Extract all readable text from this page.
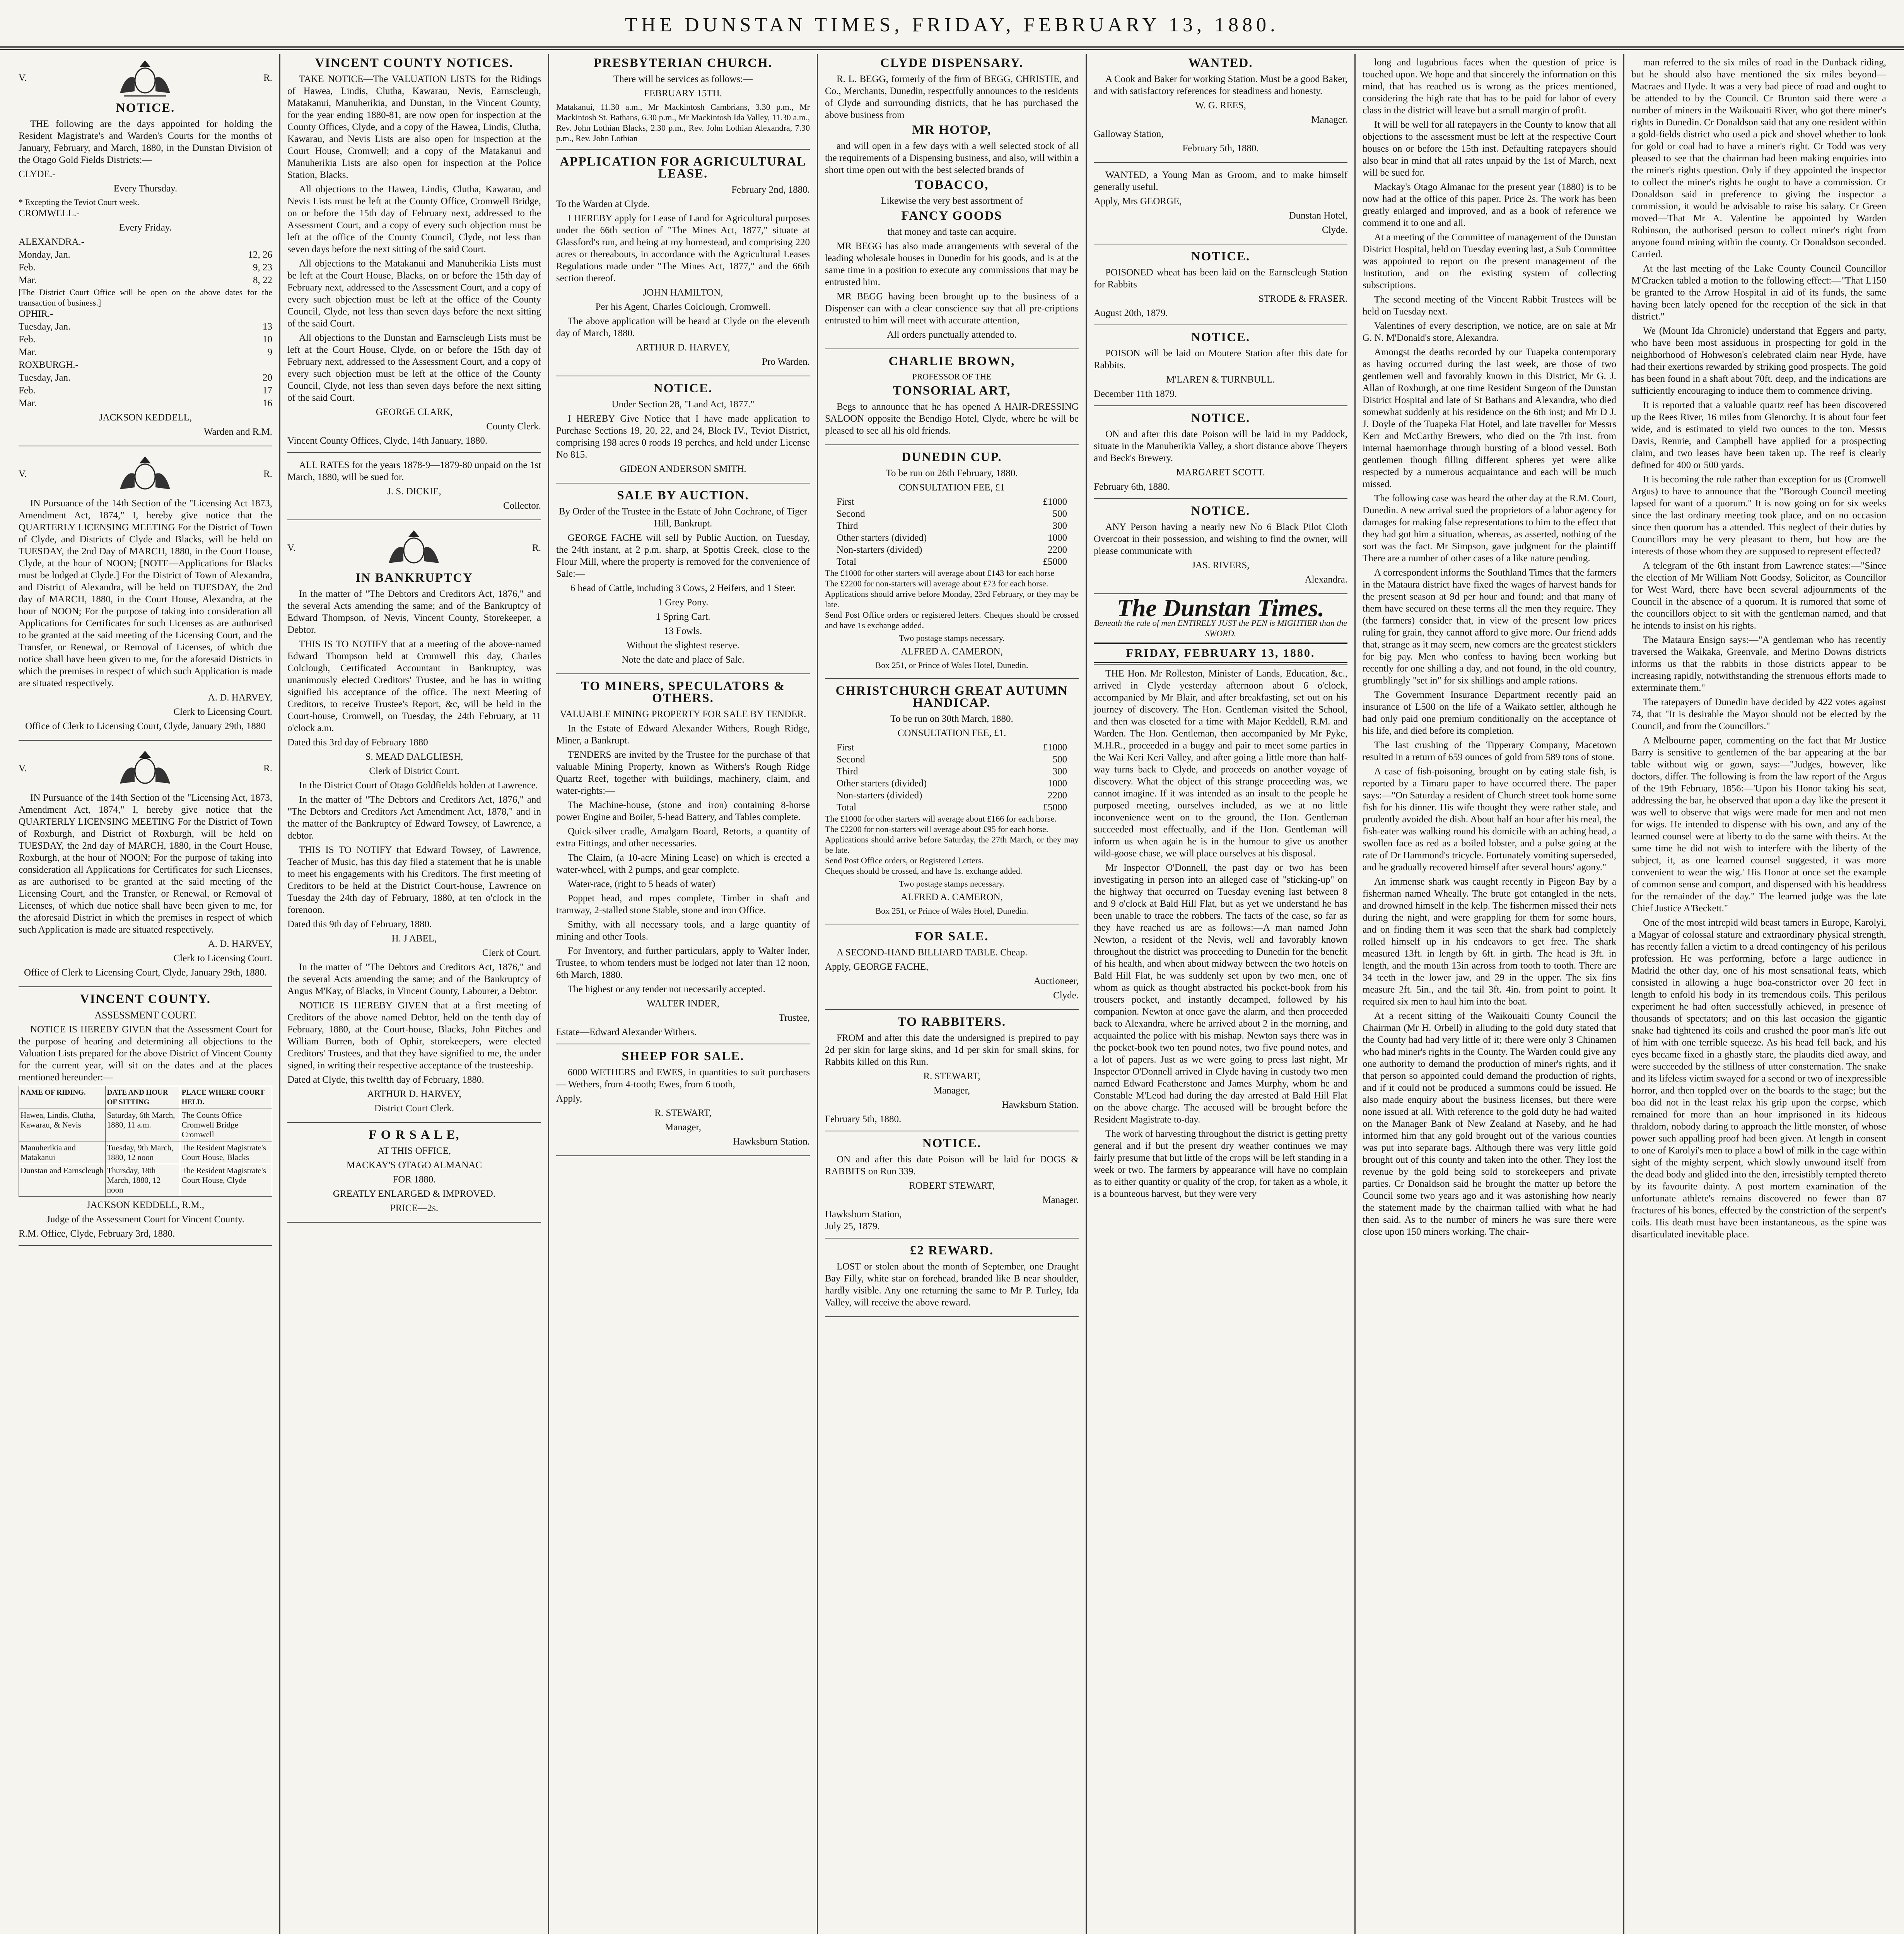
THE DUNSTAN TIMES, FRIDAY, FEBRUARY 13, 1880.
V.	R.
NOTICE.
THE following are the days appointed for holding the Resident Magistrate's and Warden's Courts for the months of January, February, and March, 1880, in the Dunstan Division of the Otago Gold Fields Districts:—
CLYDE.-
Every Thursday.
* Excepting the Teviot Court week.
CROMWELL.-
Every Friday.
ALEXANDRA.-
Monday, Jan.	12, 26
Feb.	9, 23
Mar.	8, 22
[The District Court Office will be open on the above dates for the transaction of business.]
OPHIR.-
Tuesday, Jan.	13
Feb.	10
Mar.	9
ROXBURGH.-
Tuesday, Jan.	20
Feb.	17
Mar.	16
JACKSON KEDDELL,
Warden and R.M.
V.	R.
IN Pursuance of the 14th Section of the "Licensing Act 1873, Amendment Act, 1874," I, hereby give notice that the QUARTERLY LICENSING MEETING For the District of Town of Clyde, and Districts of Clyde and Blacks, will be held on TUESDAY, the 2nd Day of MARCH, 1880, in the Court House, Clyde, at the hour of NOON; [NOTE—Applications for Blacks must be lodged at Clyde.] For the District of Town of Alexandra, and District of Alexandra, will be held on TUESDAY, the 2nd day of MARCH, 1880, in the Court House, Alexandra, at the hour of NOON; For the purpose of taking into consideration all Applications for Certificates for such Licenses as are authorised to be granted at the said meeting of the Licensing Court, and the Transfer, or Renewal, or Removal of Licenses, of which due notice shall have been given to me, for the aforesaid Districts in which the premises in respect of which such Application is made are situated respectively.
A. D. HARVEY,
Clerk to Licensing Court.
Office of Clerk to Licensing Court, Clyde, January 29th, 1880
V.	R.
IN Pursuance of the 14th Section of the "Licensing Act, 1873, Amendment Act, 1874," I, hereby give notice that the QUARTERLY LICENSING MEETING For the District of Town of Roxburgh, and District of Roxburgh, will be held on TUESDAY, the 2nd day of MARCH, 1880, in the Court House, Roxburgh, at the hour of NOON; For the purpose of taking into consideration all Applications for Certificates for such Licenses, as are authorised to be granted at the said meeting of the Licensing Court, and the Transfer, or Renewal, or Removal of Licenses, of which due notice shall have been given to me, for the aforesaid District in which the premises in respect of which such Application is made are situated respectively.
A. D. HARVEY,
Clerk to Licensing Court.
Office of Clerk to Licensing Court, Clyde, January 29th, 1880.
VINCENT COUNTY.
ASSESSMENT COURT.
NOTICE IS HEREBY GIVEN that the Assessment Court for the purpose of hearing and determining all objections to the Valuation Lists prepared for the above District of Vincent County for the current year, will sit on the dates and at the places mentioned hereunder:—
NAME OF RIDING.	DATE AND HOUR OF SITTING	PLACE WHERE COURT HELD.
Hawea, Lindis, Clutha, Kawarau, & Nevis	Saturday, 6th March, 1880, 11 a.m.	The Counts Office Cromwell Bridge Cromwell
Manuherikia and Matakanui	Tuesday, 9th March, 1880, 12 noon	The Resident Magistrate's Court House, Blacks
Dunstan and Earnscleugh	Thursday, 18th March, 1880, 12 noon	The Resident Magistrate's Court House, Clyde
JACKSON KEDDELL, R.M.,
Judge of the Assessment Court for Vincent County.
R.M. Office, Clyde, February 3rd, 1880.
VINCENT COUNTY NOTICES.
TAKE NOTICE—The VALUATION LISTS for the Ridings of Hawea, Lindis, Clutha, Kawarau, Nevis, Earnscleugh, Matakanui, Manuherikia, and Dunstan, in the Vincent County, for the year ending 1880-81, are now open for inspection at the County Offices, Clyde, and a copy of the Hawea, Lindis, Clutha, Kawarau, and Nevis Lists are also open for inspection at the Court House, Cromwell; and a copy of the Matakanui and Manuherikia Lists are also open for inspection at the Police Station, Blacks.
All objections to the Hawea, Lindis, Clutha, Kawarau, and Nevis Lists must be left at the County Office, Cromwell Bridge, on or before the 15th day of February next, addressed to the Assessment Court, and a copy of every such objection must be left at the office of the County Council, Clyde, not less than seven days before the next sitting of the said Court.
All objections to the Matakanui and Manuherikia Lists must be left at the Court House, Blacks, on or before the 15th day of February next, addressed to the Assessment Court, and a copy of every such objection must be left at the office of the County Council, Clyde, not less than seven days before the next sitting of the said Court.
All objections to the Dunstan and Earnscleugh Lists must be left at the Court House, Clyde, on or before the 15th day of February next, addressed to the Assessment Court, and a copy of every such objection must be left at the office of the County Council, Clyde, not less than seven days before the next sitting of the said Court.
GEORGE CLARK,
County Clerk.
Vincent County Offices, Clyde, 14th January, 1880.
ALL RATES for the years 1878-9—1879-80 unpaid on the 1st March, 1880, will be sued for.
J. S. DICKIE,
Collector.
V.	R.
IN BANKRUPTCY
In the matter of "The Debtors and Creditors Act, 1876," and the several Acts amending the same; and of the Bankruptcy of Edward Thompson, of Nevis, Vincent County, Storekeeper, a Debtor.
THIS IS TO NOTIFY that at a meeting of the above-named Edward Thompson held at Cromwell this day, Charles Colclough, Certificated Accountant in Bankruptcy, was unanimously elected Creditors' Trustee, and he has in writing signified his acceptance of the office. The next Meeting of Creditors, to receive Trustee's Report, &c, will be held in the Court-house, Cromwell, on Tuesday, the 24th February, at 11 o'clock a.m.
Dated this 3rd day of February 1880
S. MEAD DALGLIESH,
Clerk of District Court.
In the District Court of Otago Goldfields holden at Lawrence.
In the matter of "The Debtors and Creditors Act, 1876," and "The Debtors and Creditors Act Amendment Act, 1878," and in the matter of the Bankruptcy of Edward Towsey, of Lawrence, a debtor.
THIS IS TO NOTIFY that Edward Towsey, of Lawrence, Teacher of Music, has this day filed a statement that he is unable to meet his engagements with his Creditors. The first meeting of Creditors to be held at the District Court-house, Lawrence on Tuesday the 24th day of February, 1880, at ten o'clock in the forenoon.
Dated this 9th day of February, 1880.
H. J ABEL,
Clerk of Court.
In the matter of "The Debtors and Creditors Act, 1876," and the several Acts amending the same; and of the Bankruptcy of Angus M'Kay, of Blacks, in Vincent County, Labourer, a Debtor.
NOTICE IS HEREBY GIVEN that at a first meeting of Creditors of the above named Debtor, held on the tenth day of February, 1880, at the Court-house, Blacks, John Pitches and William Burren, both of Ophir, storekeepers, were elected Creditors' Trustees, and that they have signified to me, the under signed, in writing their respective acceptance of the trusteeship.
Dated at Clyde, this twelfth day of February, 1880.
ARTHUR D. HARVEY,
District Court Clerk.
F O R S A L E,
AT THIS OFFICE,
MACKAY'S OTAGO ALMANAC
FOR 1880.
GREATLY ENLARGED & IMPROVED.
PRICE—2s.
PRESBYTERIAN CHURCH.
There will be services as follows:—
FEBRUARY 15TH.
Matakanui, 11.30 a.m., Mr Mackintosh Cambrians, 3.30 p.m., Mr Mackintosh St. Bathans, 6.30 p.m., Mr Mackintosh Ida Valley, 11.30 a.m., Rev. John Lothian Blacks, 2.30 p.m., Rev. John Lothian Alexandra, 7.30 p.m., Rev. John Lothian
APPLICATION FOR AGRICULTURAL LEASE.
February 2nd, 1880.
To the Warden at Clyde.
I HEREBY apply for Lease of Land for Agricultural purposes under the 66th section of "The Mines Act, 1877," situate at Glassford's run, and being at my homestead, and comprising 220 acres or thereabouts, in accordance with the Agricultural Leases Regulations made under "The Mines Act, 1877," and the 66th section thereof.
JOHN HAMILTON,
Per his Agent, Charles Colclough, Cromwell.
The above application will be heard at Clyde on the eleventh day of March, 1880.
ARTHUR D. HARVEY,
Pro Warden.
NOTICE.
Under Section 28, "Land Act, 1877."
I HEREBY Give Notice that I have made application to Purchase Sections 19, 20, 22, and 24, Block IV., Teviot District, comprising 198 acres 0 roods 19 perches, and held under License No 815.
GIDEON ANDERSON SMITH.
SALE BY AUCTION.
By Order of the Trustee in the Estate of John Cochrane, of Tiger Hill, Bankrupt.
GEORGE FACHE will sell by Public Auction, on Tuesday, the 24th instant, at 2 p.m. sharp, at Spottis Creek, close to the Flour Mill, where the property is removed for the convenience of Sale:—
6 head of Cattle, including 3 Cows, 2 Heifers, and 1 Steer.
1 Grey Pony.
1 Spring Cart.
13 Fowls.
Without the slightest reserve.
Note the date and place of Sale.
TO MINERS, SPECULATORS & OTHERS.
VALUABLE MINING PROPERTY FOR SALE BY TENDER.
In the Estate of Edward Alexander Withers, Rough Ridge, Miner, a Bankrupt.
TENDERS are invited by the Trustee for the purchase of that valuable Mining Property, known as Withers's Rough Ridge Quartz Reef, together with buildings, machinery, claim, and water-rights:—
The Machine-house, (stone and iron) containing 8-horse power Engine and Boiler, 5-head Battery, and Tables complete.
Quick-silver cradle, Amalgam Board, Retorts, a quantity of extra Fittings, and other necessaries.
The Claim, (a 10-acre Mining Lease) on which is erected a water-wheel, with 2 pumps, and gear complete.
Water-race, (right to 5 heads of water)
Poppet head, and ropes complete, Timber in shaft and tramway, 2-stalled stone Stable, stone and iron Office.
Smithy, with all necessary tools, and a large quantity of mining and other Tools.
For Inventory, and further particulars, apply to Walter Inder, Trustee, to whom tenders must be lodged not later than 12 noon, 6th March, 1880.
The highest or any tender not necessarily accepted.
WALTER INDER,
Trustee,
Estate—Edward Alexander Withers.
SHEEP FOR SALE.
6000 WETHERS and EWES, in quantities to suit purchasers — Wethers, from 4-tooth; Ewes, from 6 tooth,
Apply,
R. STEWART,
Manager,
Hawksburn Station.
CLYDE DISPENSARY.
R. L. BEGG, formerly of the firm of BEGG, CHRISTIE, and Co., Merchants, Dunedin, respectfully announces to the residents of Clyde and surrounding districts, that he has purchased the above business from
MR HOTOP,
and will open in a few days with a well selected stock of all the requirements of a Dispensing business, and also, will within a short time open out with the best selected brands of
TOBACCO,
Likewise the very best assortment of
FANCY GOODS
that money and taste can acquire.
MR BEGG has also made arrangements with several of the leading wholesale houses in Dunedin for his goods, and is at the same time in a position to execute any commissions that may be entrusted him.
MR BEGG having been brought up to the business of a Dispenser can with a clear conscience say that all pre-criptions entrusted to him will meet with accurate attention,
All orders punctually attended to.
CHARLIE BROWN,
PROFESSOR OF THE
TONSORIAL ART,
Begs to announce that he has opened A HAIR-DRESSING SALOON opposite the Bendigo Hotel, Clyde, where he will be pleased to see all his old friends.
DUNEDIN CUP.
To be run on 26th February, 1880.
CONSULTATION FEE, £1
First	£1000
Second	500
Third	300
Other starters (divided)	1000
Non-starters (divided)	2200
Total	£5000
The £1000 for other starters will average about £143 for each horse
The £2200 for non-starters will average about £73 for each horse.
Applications should arrive before Monday, 23rd February, or they may be late.
Send Post Office orders or registered letters. Cheques should be crossed and have 1s exchange added.
Two postage stamps necessary.
ALFRED A. CAMERON,
Box 251, or Prince of Wales Hotel, Dunedin.
CHRISTCHURCH GREAT AUTUMN HANDICAP.
To be run on 30th March, 1880.
CONSULTATION FEE, £1.
First	£1000
Second	500
Third	300
Other starters (divided)	1000
Non-starters (divided)	2200
Total	£5000
The £1000 for other starters will average about £166 for each horse.
The £2200 for non-starters will average about £95 for each horse.
Applications should arrive before Saturday, the 27th March, or they may be late.
Send Post Office orders, or Registered Letters.
Cheques should be crossed, and have 1s. exchange added.
Two postage stamps necessary.
ALFRED A. CAMERON,
Box 251, or Prince of Wales Hotel, Dunedin.
FOR SALE.
A SECOND-HAND BILLIARD TABLE. Cheap.
Apply, GEORGE FACHE,
Auctioneer,
Clyde.
TO RABBITERS.
FROM and after this date the undersigned is prepired to pay 2d per skin for large skins, and 1d per skin for small skins, for Rabbits killed on this Run.
R. STEWART,
Manager,
Hawksburn Station.
February 5th, 1880.
NOTICE.
ON and after this date Poison will be laid for DOGS & RABBITS on Run 339.
ROBERT STEWART,
Manager.
Hawksburn Station,
July 25, 1879.
£2 REWARD.
LOST or stolen about the month of September, one Draught Bay Filly, white star on forehead, branded like B near shoulder, hardly visible. Any one returning the same to Mr P. Turley, Ida Valley, will receive the above reward.
WANTED.
A Cook and Baker for working Station. Must be a good Baker, and with satisfactory references for steadiness and honesty.
W. G. REES,
Manager.
Galloway Station,
February 5th, 1880.
WANTED, a Young Man as Groom, and to make himself generally useful.
Apply, Mrs GEORGE,
Dunstan Hotel,
Clyde.
NOTICE.
POISONED wheat has been laid on the Earnscleugh Station for Rabbits
STRODE & FRASER.
August 20th, 1879.
NOTICE.
POISON will be laid on Moutere Station after this date for Rabbits.
M'LAREN & TURNBULL.
December 11th 1879.
NOTICE.
ON and after this date Poison will be laid in my Paddock, situate in the Manuherikia Valley, a short distance above Theyers and Beck's Brewery.
MARGARET SCOTT.
February 6th, 1880.
NOTICE.
ANY Person having a nearly new No 6 Black Pilot Cloth Overcoat in their possession, and wishing to find the owner, will please communicate with
JAS. RIVERS,
Alexandra.
The Dunstan Times.
Beneath the rule of men ENTIRELY JUST the PEN is MIGHTIER than the SWORD.
FRIDAY, FEBRUARY 13, 1880.
THE Hon. Mr Rolleston, Minister of Lands, Education, &c., arrived in Clyde yesterday afternoon about 6 o'clock, accompanied by Mr Blair, and after breakfasting, set out on his journey of discovery. The Hon. Gentleman visited the School, and then was closeted for a time with Major Keddell, R.M. and Warden. The Hon. Gentleman, then accompanied by Mr Pyke, M.H.R., proceeded in a buggy and pair to meet some parties in the Wai Keri Keri Valley, and after going a little more than half-way turns back to Clyde, and proceeds on another voyage of discovery. What the object of this strange proceeding was, we cannot imagine. If it was intended as an insult to the people he purposed meeting, ourselves included, as we at no little inconvenience went on to the ground, the Hon. Gentleman succeeded most effectually, and if the Hon. Gentleman will inform us when again he is in the humour to give us another wild-goose chase, we will place ourselves at his disposal.
Mr Inspector O'Donnell, the past day or two has been investigating in person into an alleged case of "sticking-up" on the highway that occurred on Tuesday evening last between 8 and 9 o'clock at Bald Hill Flat, but as yet we understand he has been unable to trace the robbers. The facts of the case, so far as they have reached us are as follows:—A man named John Newton, a resident of the Nevis, well and favorably known throughout the district was proceeding to Dunedin for the benefit of his health, and when about midway between the two hotels on Bald Hill Flat, he was suddenly set upon by two men, one of whom as quick as thought abstracted his pocket-book from his trousers pocket, and instantly decamped, followed by his companion. Newton at once gave the alarm, and then proceeded back to Alexandra, where he arrived about 2 in the morning, and acquainted the police with his mishap. Newton says there was in the pocket-book two ten pound notes, two five pound notes, and a lot of papers. Just as we were going to press last night, Mr Inspector O'Donnell arrived in Clyde having in custody two men named Edward Featherstone and James Murphy, whom he and Constable M'Leod had during the day arrested at Bald Hill Flat on the above charge. The accused will be brought before the Resident Magistrate to-day.
The work of harvesting throughout the district is getting pretty general and if but the present dry weather continues we may fairly presume that but little of the crops will be left standing in a week or two. The farmers by appearance will have no complain as to either quantity or quality of the crop, for taken as a whole, it is a bounteous harvest, but they were very
long and lugubrious faces when the question of price is touched upon. We hope and that sincerely the information on this mind, that has reached us is wrong as the prices mentioned, considering the high rate that has to be paid for labor of every class in the district will leave but a small margin of profit.
It will be well for all ratepayers in the County to know that all objections to the assessment must be left at the respective Court houses on or before the 15th inst. Defaulting ratepayers should also bear in mind that all rates unpaid by the 1st of March, next will be sued for.
Mackay's Otago Almanac for the present year (1880) is to be now had at the office of this paper. Price 2s. The work has been greatly enlarged and improved, and as a book of reference we commend it to one and all.
At a meeting of the Committee of management of the Dunstan District Hospital, held on Tuesday evening last, a Sub Committee was appointed to report on the present management of the Institution, and on the existing system of collecting subscriptions.
The second meeting of the Vincent Rabbit Trustees will be held on Tuesday next.
Valentines of every description, we notice, are on sale at Mr G. N. M'Donald's store, Alexandra.
Amongst the deaths recorded by our Tuapeka contemporary as having occurred during the last week, are those of two gentlemen well and favorably known in this District, Mr G. J. Allan of Roxburgh, at one time Resident Surgeon of the Dunstan District Hospital and late of St Bathans and Alexandra, who died somewhat suddenly at his residence on the 6th inst; and Mr D J. J. Doyle of the Tuapeka Flat Hotel, and late traveller for Messrs Kerr and McCarthy Brewers, who died on the 7th inst. from internal haemorrhage through bursting of a blood vessel. Both gentlemen though filling different spheres yet were alike respected by a numerous acquaintance and each will be much missed.
The following case was heard the other day at the R.M. Court, Dunedin. A new arrival sued the proprietors of a labor agency for damages for making false representations to him to the effect that they had got him a situation, whereas, as asserted, nothing of the sort was the fact. Mr Simpson, gave judgment for the plaintiff There are a number of other cases of a like nature pending.
A correspondent informs the Southland Times that the farmers in the Mataura district have fixed the wages of harvest hands for the present season at 9d per hour and found; and that many of them have secured on these terms all the men they require. They (the farmers) consider that, in view of the present low prices ruling for grain, they cannot afford to give more. Our friend adds that, strange as it may seem, new comers are the greatest sticklers for big pay. Men who confess to having been working but recently for one shilling a day, and not found, in the old country, grumblingly "set in" for six shillings and ample rations.
The Government Insurance Department recently paid an insurance of L500 on the life of a Waikato settler, although he had only paid one premium conditionally on the acceptance of his life, and died before its completion.
The last crushing of the Tipperary Company, Macetown resulted in a return of 659 ounces of gold from 589 tons of stone.
A case of fish-poisoning, brought on by eating stale fish, is reported by a Timaru paper to have occurred there. The paper says:—"On Saturday a resident of Church street took home some fish for his dinner. His wife thought they were rather stale, and prudently avoided the dish. About half an hour after his meal, the fish-eater was walking round his domicile with an aching head, a swollen face as red as a boiled lobster, and a pulse going at the rate of Dr Hammond's tricycle. Fortunately vomiting superseded, and he gradually recovered himself after several hours' agony."
An immense shark was caught recently in Pigeon Bay by a fisherman named Wheally. The brute got entangled in the nets, and drowned himself in the kelp. The fishermen missed their nets during the night, and were grappling for them for some hours, and on finding them it was seen that the shark had completely rolled himself up in his endeavors to get free. The shark measured 13ft. in length by 6ft. in girth. The head is 3ft. in length, and the mouth 13in across from tooth to tooth. There are 34 teeth in the lower jaw, and 29 in the upper. The six fins measure 2ft. 5in., and the tail 3ft. 4in. from point to point. It required six men to haul him into the boat.
At a recent sitting of the Waikouaiti County Council the Chairman (Mr H. Orbell) in alluding to the gold duty stated that the County had had very little of it; there were only 3 Chinamen who had miner's rights in the County. The Warden could give any one authority to demand the production of miner's rights, and if that person so appointed could demand the production of rights, and if it could not be produced a summons could be issued. He also made enquiry about the business licenses, but there were none issued at all. With reference to the gold duty he had waited on the Manager Bank of New Zealand at Naseby, and he had informed him that any gold brought out of the various counties was put into separate bags. Although there was very little gold brought out of this county and taken into the other. They lost the revenue by the gold being sold to storekeepers and private parties. Cr Donaldson said he brought the matter up before the Council some two years ago and it was astonishing how nearly the statement made by the chairman tallied with what he had then said. As to the number of miners he was sure there were close upon 150 miners working. The chair-
man referred to the six miles of road in the Dunback riding, but he should also have mentioned the six miles beyond—Macraes and Hyde. It was a very bad piece of road and ought to be attended to by the Council. Cr Brunton said there were a number of miners in the Waikouaiti River, who got there miner's rights in Dunedin. Cr Donaldson said that any one resident within a gold-fields district who used a pick and shovel whether to look for gold or coal had to have a miner's right. Cr Todd was very pleased to see that the chairman had been making enquiries into the miner's rights question. Only if they appointed the inspector to collect the miner's rights he ought to have a commission. Cr Donaldson said in preference to giving the inspector a commission, it would be advisable to raise his salary. Cr Green moved—That Mr A. Valentine be appointed by Warden Robinson, the authorised person to collect miner's right from anyone found mining within the county. Cr Donaldson seconded. Carried.
At the last meeting of the Lake County Council Councillor M'Cracken tabled a motion to the following effect:—"That L150 be granted to the Arrow Hospital in aid of its funds, the same having been lately opened for the reception of the sick in that district."
We (Mount Ida Chronicle) understand that Eggers and party, who have been most assiduous in prospecting for gold in the neighborhood of Hohweson's celebrated claim near Hyde, have had their exertions rewarded by striking good prospects. The gold has been found in a shaft about 70ft. deep, and the indications are sufficiently encouraging to induce them to commence driving.
It is reported that a valuable quartz reef has been discovered up the Rees River, 16 miles from Glenorchy. It is about four feet wide, and is estimated to yield two ounces to the ton. Messrs Davis, Rennie, and Campbell have applied for a prospecting claim, and two leases have been taken up. The reef is clearly defined for 400 or 500 yards.
It is becoming the rule rather than exception for us (Cromwell Argus) to have to announce that the "Borough Council meeting lapsed for want of a quorum." It is now going on for six weeks since the last ordinary meeting took place, and on no occasion since then quorum has a attended. This neglect of their duties by Councillors may be very pleasant to them, but how are the interests of those whom they are supposed to represent effected?
A telegram of the 6th instant from Lawrence states:—"Since the election of Mr William Nott Goodsy, Solicitor, as Councillor for West Ward, there have been several adjournments of the Council in the absence of a quorum. It is rumored that some of the councillors object to sit with the gentleman named, and that he intends to insist on his rights.
The Mataura Ensign says:—"A gentleman who has recently traversed the Waikaka, Greenvale, and Merino Downs districts informs us that the rabbits in those districts appear to be increasing rapidly, notwithstanding the strenuous efforts made to exterminate them."
The ratepayers of Dunedin have decided by 422 votes against 74, that "It is desirable the Mayor should not be elected by the Council, and from the Councillors."
A Melbourne paper, commenting on the fact that Mr Justice Barry is sensitive to gentlemen of the bar appearing at the bar table without wig or gown, says:—"Judges, however, like doctors, differ. The following is from the law report of the Argus of the 19th February, 1856:—'Upon his Honor taking his seat, addressing the bar, he observed that upon a day like the present it was well to observe that wigs were made for men and not men for wigs. He intended to dispense with his own, and any of the learned counsel were at liberty to do the same with theirs. At the same time he did not wish to interfere with the liberty of the subject, it, as one learned counsel suggested, it was more convenient to wear the wig.' His Honor at once set the example of common sense and comport, and dispensed with his headdress for the remainder of the day." The learned judge was the late Chief Justice A'Beckett."
One of the most intrepid wild beast tamers in Europe, Karolyi, a Magyar of colossal stature and extraordinary physical strength, has recently fallen a victim to a dread contingency of his perilous profession. He was performing, before a large audience in Madrid the other day, one of his most sensational feats, which consisted in allowing a huge boa-constrictor over 20 feet in length to enfold his body in its tremendous coils. This perilous experiment he had often successfully achieved, in presence of thousands of spectators; and on this last occasion the gigantic snake had tightened its coils and crushed the poor man's life out of him with one terrible squeeze. As his head fell back, and his eyes became fixed in a ghastly stare, the plaudits died away, and were succeeded by the stillness of utter consternation. The snake and its lifeless victim swayed for a second or two of inexpressible horror, and then toppled over on the boards to the stage; but the boa did not in the least relax his grip upon the corpse, which remained for more than an hour imprisoned in its hideous thraldom, nobody daring to approach the little monster, of whose power such appalling proof had been given. At length in consent to one of Karolyi's men to place a bowl of milk in the cage within sight of the mighty serpent, which slowly unwound itself from the dead body and glided into the den, irresistibly tempted thereto by its favourite dainty. A post mortem examination of the unfortunate athlete's remains discovered no fewer than 87 fractures of his bones, effected by the constriction of the serpent's coils. His death must have been instantaneous, as the spine was disarticulated inevitable place.
